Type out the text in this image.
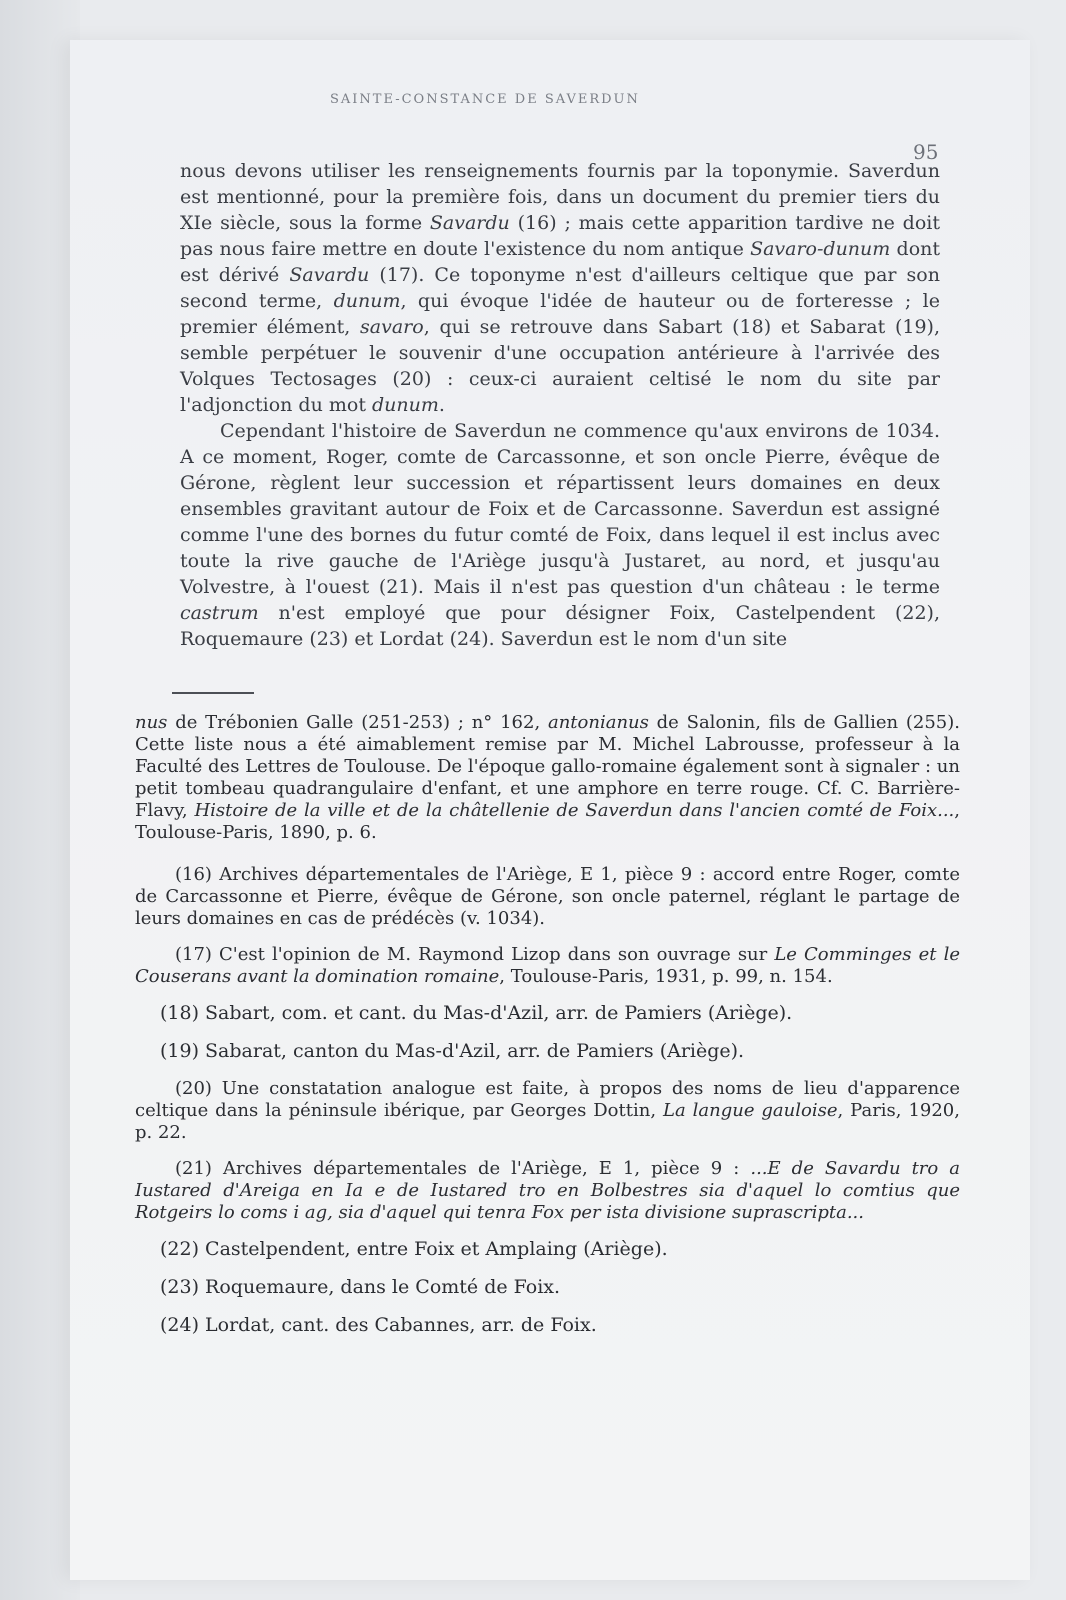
SAINTE-CONSTANCE DE SAVERDUN
95

nous devons utiliser les renseignements fournis par la toponymie. Saverdun est mentionné, pour la première fois, dans un document du premier tiers du XIe siècle, sous la forme Savardu (16) ; mais cette apparition tardive ne doit pas nous faire mettre en doute l'existence du nom antique Savaro-dunum dont est dérivé Savardu (17). Ce toponyme n'est d'ailleurs celtique que par son second terme, dunum, qui évoque l'idée de hauteur ou de forteresse ; le premier élément, savaro, qui se retrouve dans Sabart (18) et Sabarat (19), semble perpétuer le souvenir d'une occupation antérieure à l'arrivée des Volques Tectosages (20) : ceux-ci auraient celtisé le nom du site par l'adjonction du mot dunum.

Cependant l'histoire de Saverdun ne commence qu'aux environs de 1034. A ce moment, Roger, comte de Carcassonne, et son oncle Pierre, évêque de Gérone, règlent leur succession et répartissent leurs domaines en deux ensembles gravitant autour de Foix et de Carcassonne. Saverdun est assigné comme l'une des bornes du futur comté de Foix, dans lequel il est inclus avec toute la rive gauche de l'Ariège jusqu'à Justaret, au nord, et jusqu'au Volvestre, à l'ouest (21). Mais il n'est pas question d'un château : le terme castrum n'est employé que pour désigner Foix, Castelpendent (22), Roquemaure (23) et Lordat (24). Saverdun est le nom d'un site

nus de Trébonien Galle (251-253) ; n° 162, antonianus de Salonin, fils de Gallien (255). Cette liste nous a été aimablement remise par M. Michel Labrousse, professeur à la Faculté des Lettres de Toulouse. De l'époque gallo-romaine également sont à signaler : un petit tombeau quadrangulaire d'enfant, et une amphore en terre rouge. Cf. C. Barrière-Flavy, Histoire de la ville et de la châtellenie de Saverdun dans l'ancien comté de Foix..., Toulouse-Paris, 1890, p. 6.

(16) Archives départementales de l'Ariège, E 1, pièce 9 : accord entre Roger, comte de Carcassonne et Pierre, évêque de Gérone, son oncle paternel, réglant le partage de leurs domaines en cas de prédécès (v. 1034).

(17) C'est l'opinion de M. Raymond Lizop dans son ouvrage sur Le Comminges et le Couserans avant la domination romaine, Toulouse-Paris, 1931, p. 99, n. 154.

(18) Sabart, com. et cant. du Mas-d'Azil, arr. de Pamiers (Ariège).

(19) Sabarat, canton du Mas-d'Azil, arr. de Pamiers (Ariège).

(20) Une constatation analogue est faite, à propos des noms de lieu d'apparence celtique dans la péninsule ibérique, par Georges Dottin, La langue gauloise, Paris, 1920, p. 22.

(21) Archives départementales de l'Ariège, E 1, pièce 9 : ...E de Savardu tro a Iustared d'Areiga en Ia e de Iustared tro en Bolbestres sia d'aquel lo comtius que Rotgeirs lo coms i ag, sia d'aquel qui tenra Fox per ista divisione suprascripta...

(22) Castelpendent, entre Foix et Amplaing (Ariège).

(23) Roquemaure, dans le Comté de Foix.

(24) Lordat, cant. des Cabannes, arr. de Foix.
